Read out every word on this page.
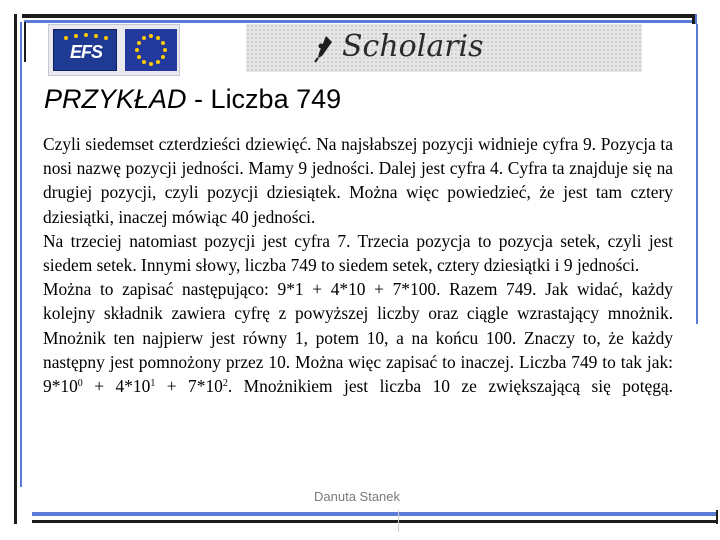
EFS	Scholaris
PRZYKŁAD - Liczba 749

Czyli siedemset czterdzieści dziewięć. Na najsłabszej pozycji widnieje cyfra 9. Pozycja ta nosi nazwę pozycji jedności. Mamy 9 jedności. Dalej jest cyfra 4. Cyfra ta znajduje się na drugiej pozycji, czyli pozycji dziesiątek. Można więc powiedzieć, że jest tam cztery dziesiątki, inaczej mówiąc 40 jedności.

Na trzeciej natomiast pozycji jest cyfra 7. Trzecia pozycja to pozycja setek, czyli jest siedem setek. Innymi słowy, liczba 749 to siedem setek, cztery dziesiątki i 9 jedności.

Można to zapisać następująco: 9*1 + 4*10 + 7*100. Razem 749. Jak widać, każdy kolejny składnik zawiera cyfrę z powyższej liczby oraz ciągle wzrastający mnożnik. Mnożnik ten najpierw jest równy 1, potem 10, a na końcu 100. Znaczy to, że każdy następny jest pomnożony przez 10. Można więc zapisać to inaczej. Liczba 749 to tak jak: $9*10^0 + 4*10^1 + 7*10^2$. Mnożnikiem jest liczba 10 ze zwiększającą się potęgą.

Danuta Stanek
